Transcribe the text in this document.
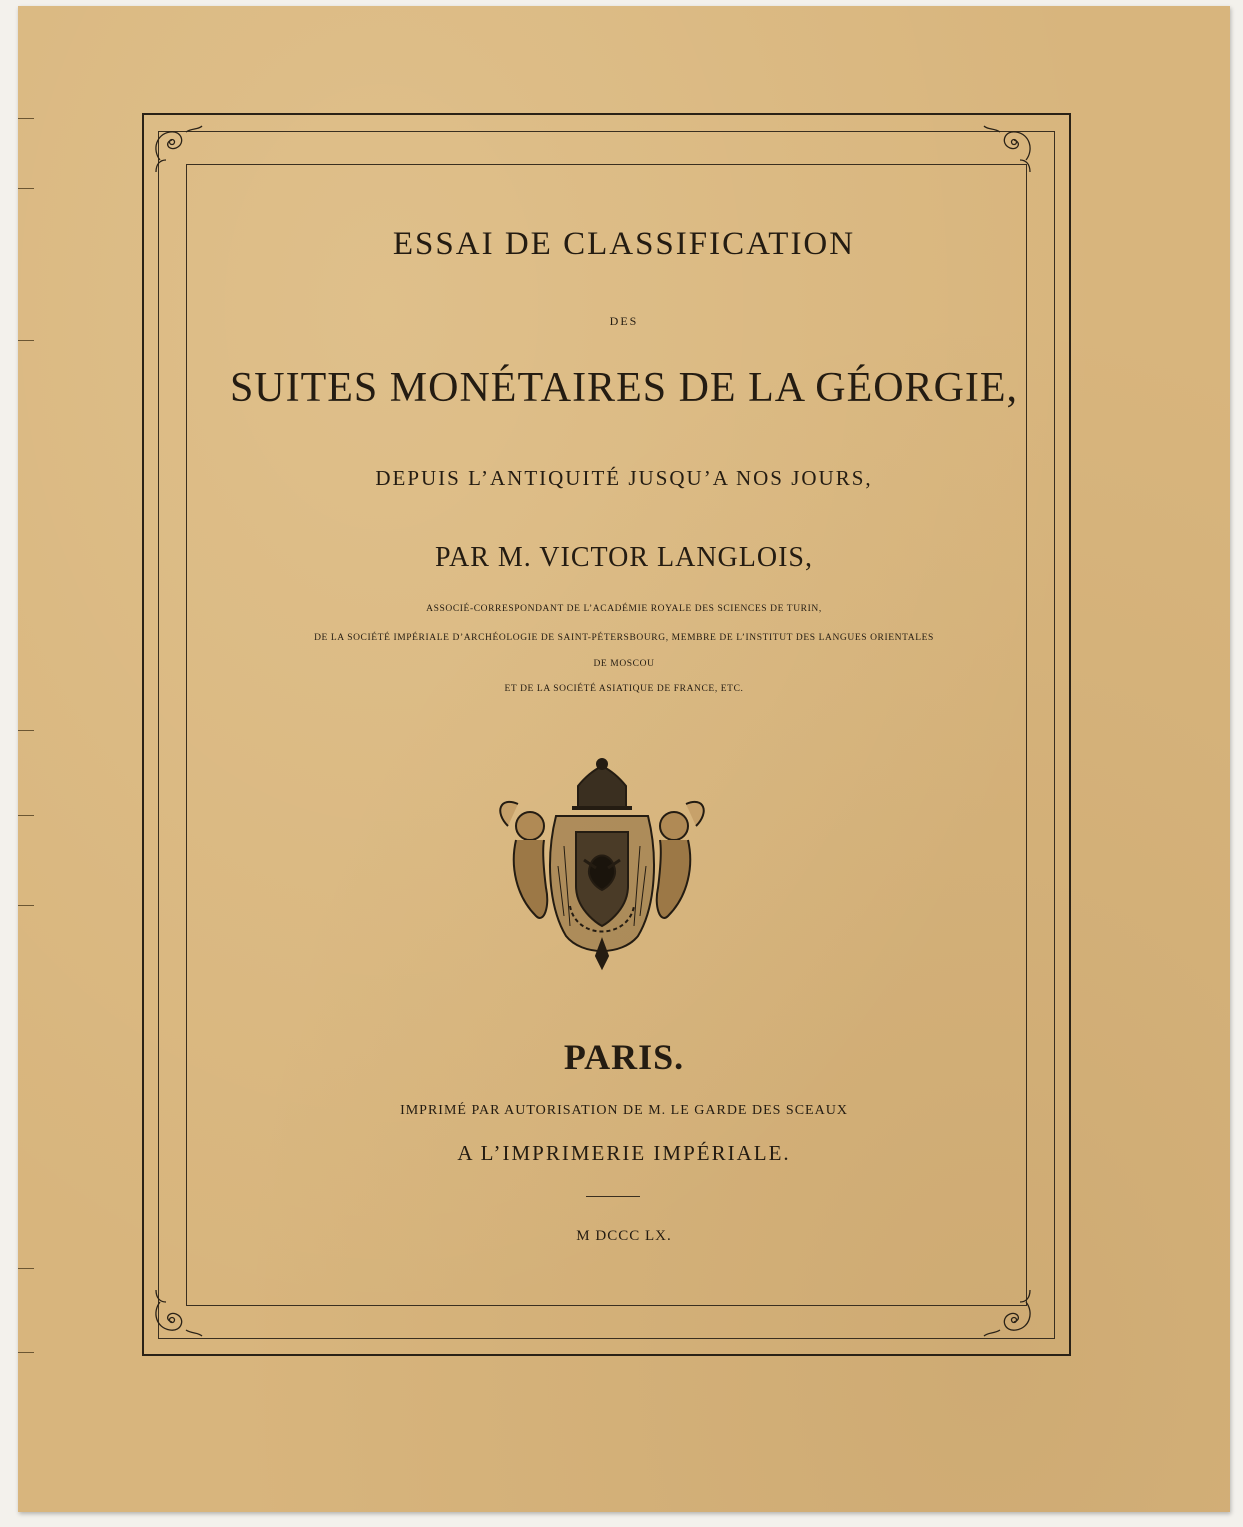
ESSAI DE CLASSIFICATION
DES
SUITES MONÉTAIRES DE LA GÉORGIE,
DEPUIS L’ANTIQUITÉ JUSQU’A NOS JOURS,
PAR M. VICTOR LANGLOIS,
ASSOCIÉ-CORRESPONDANT DE L’ACADÉMIE ROYALE DES SCIENCES DE TURIN,
DE LA SOCIÉTÉ IMPÉRIALE D’ARCHÉOLOGIE DE SAINT-PÉTERSBOURG, MEMBRE DE L’INSTITUT DES LANGUES ORIENTALES
DE MOSCOU
ET DE LA SOCIÉTÉ ASIATIQUE DE FRANCE, ETC.
PARIS.
IMPRIMÉ PAR AUTORISATION DE M. LE GARDE DES SCEAUX
A L’IMPRIMERIE IMPÉRIALE.
M DCCC LX.
